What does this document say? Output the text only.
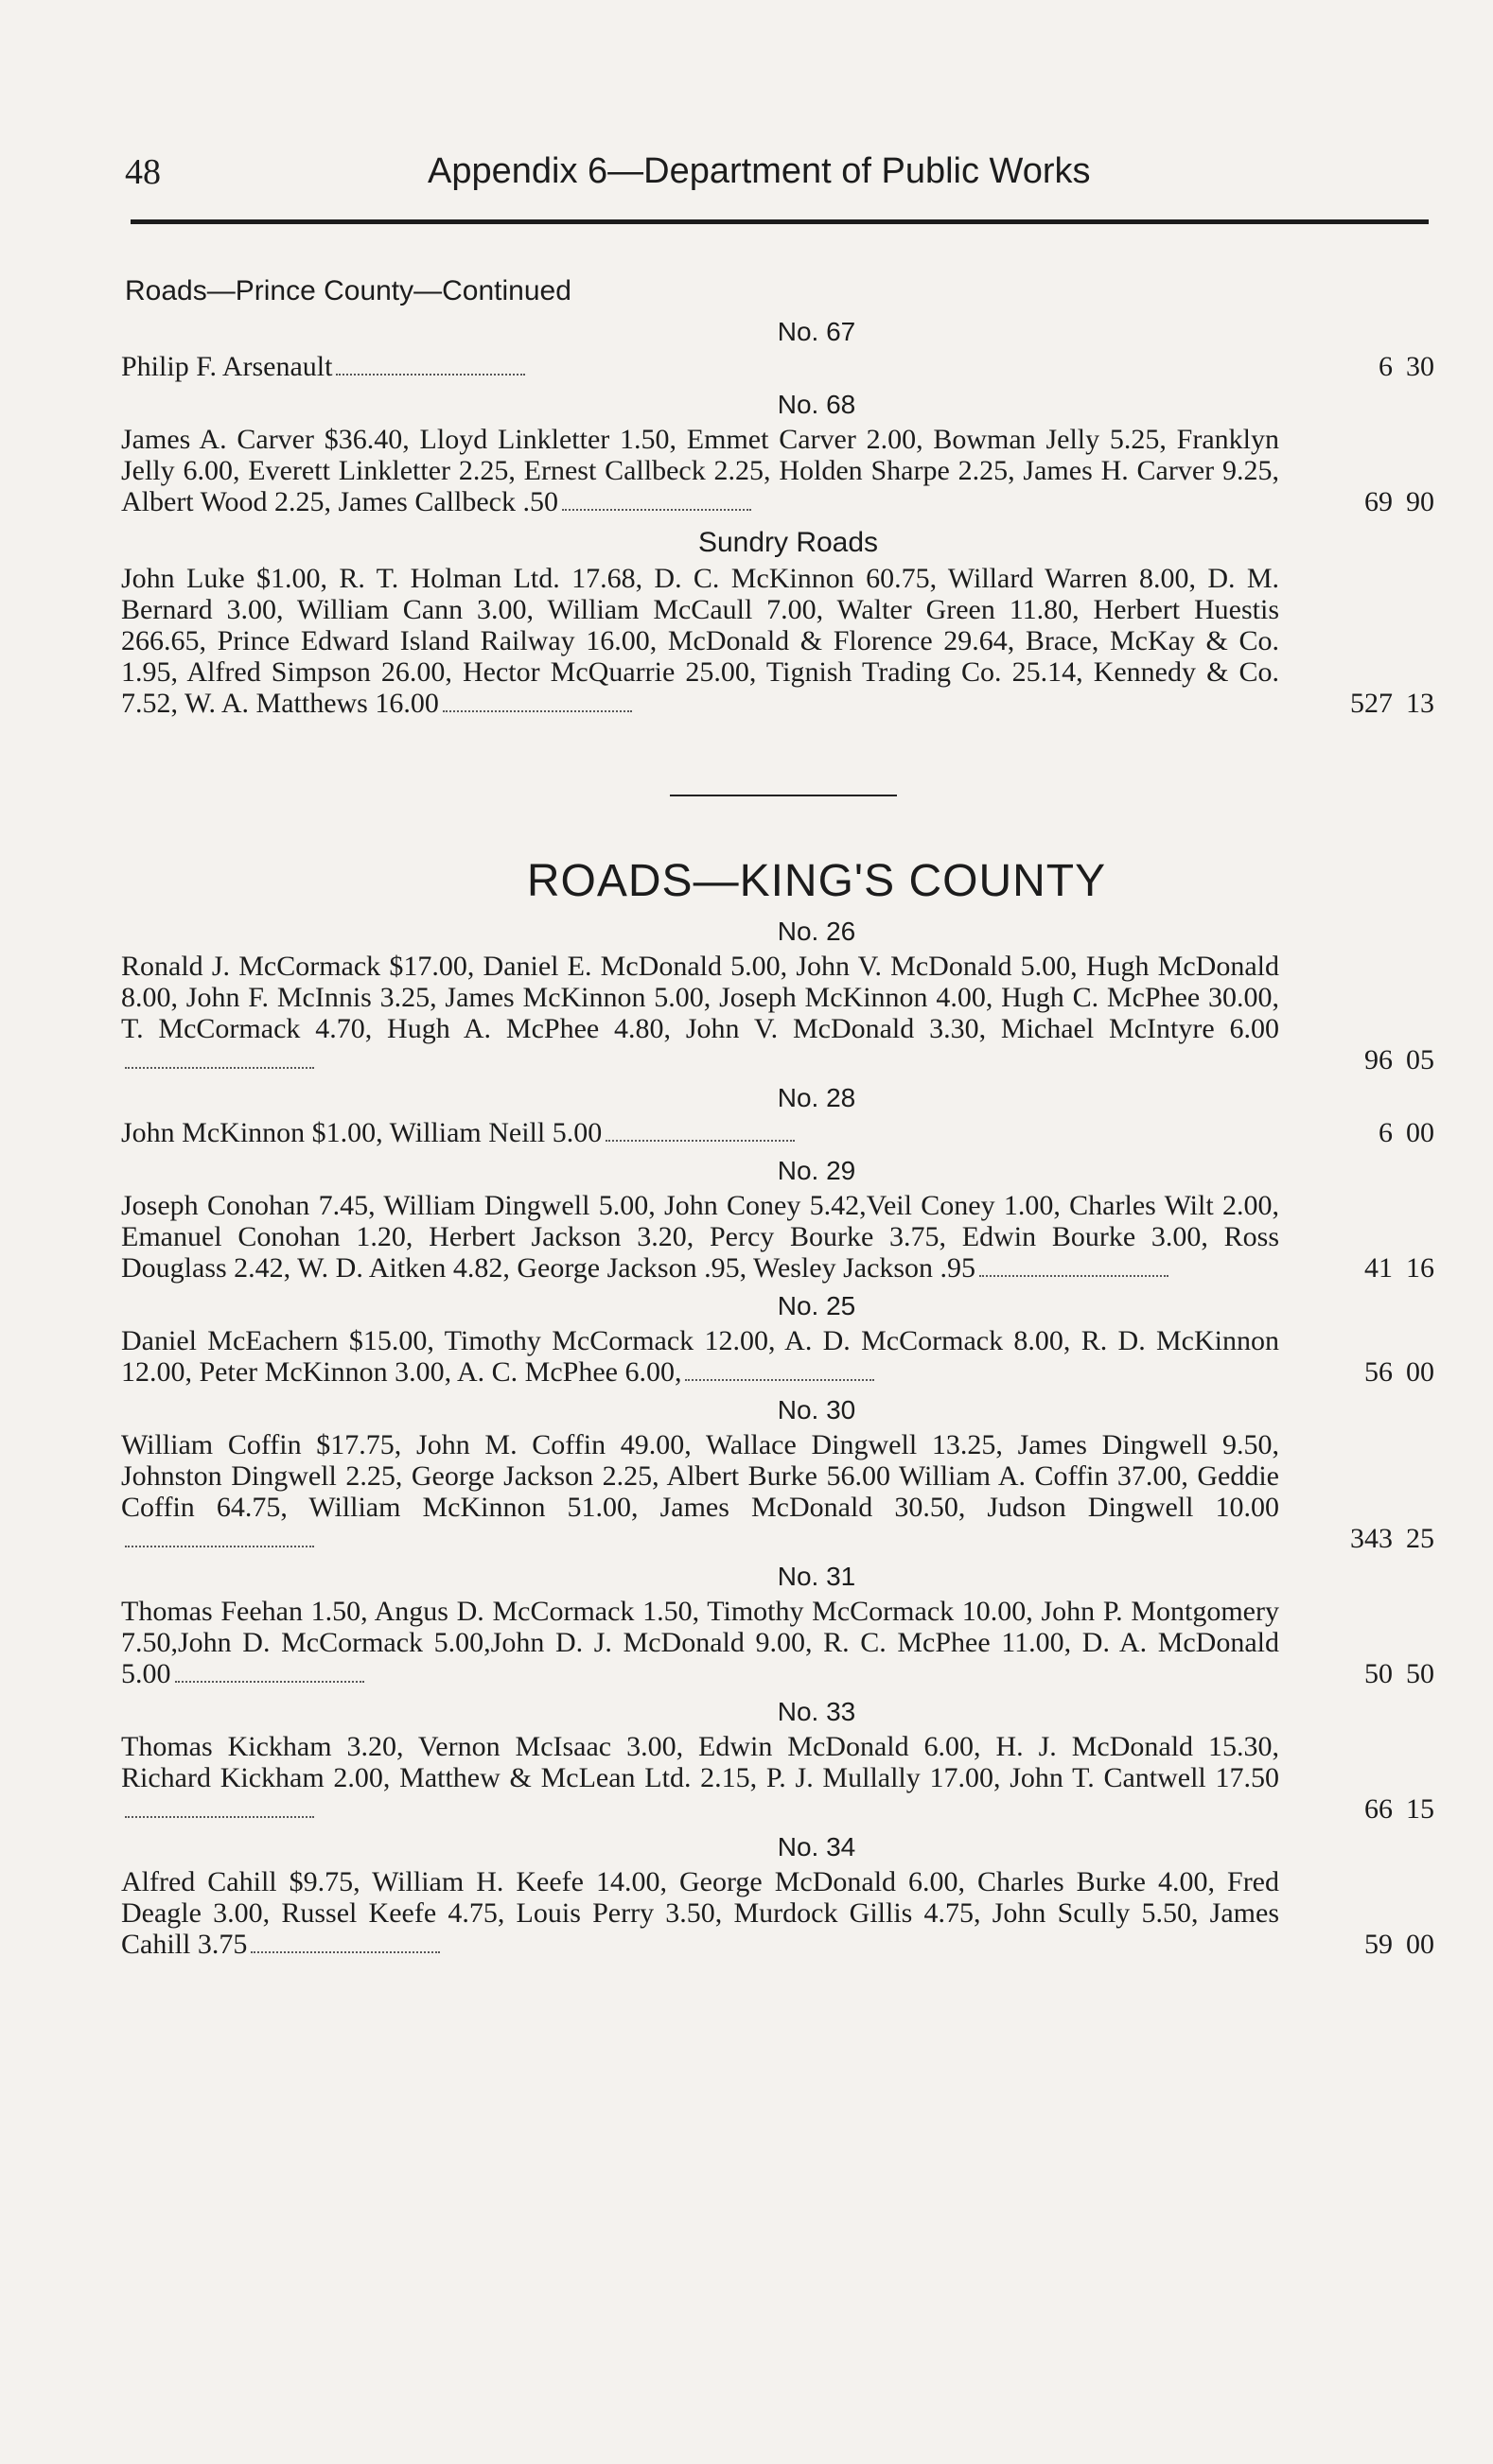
48	Appendix 6—Department of Public Works
Roads—Prince County—Continued
No. 67

Philip F. Arsenault	6 30
No. 68

James A. Carver $36.40, Lloyd Linkletter 1.50, Emmet Carver 2.00, Bowman Jelly 5.25, Franklyn Jelly 6.00, Everett Linkletter 2.25, Ernest Callbeck 2.25, Holden Sharpe 2.25, James H. Carver 9.25, Albert Wood 2.25, James Callbeck .50	69 90
Sundry Roads

John Luke $1.00, R. T. Holman Ltd. 17.68, D. C. McKinnon 60.75, Willard Warren 8.00, D. M. Bernard 3.00, William Cann 3.00, William McCaull 7.00, Walter Green 11.80, Herbert Huestis 266.65, Prince Edward Island Railway 16.00, McDonald & Florence 29.64, Brace, McKay & Co. 1.95, Alfred Simpson 26.00, Hector McQuarrie 25.00, Tignish Trading Co. 25.14, Kennedy & Co. 7.52, W. A. Matthews 16.00	527 13
ROADS—KING'S COUNTY
No. 26

Ronald J. McCormack $17.00, Daniel E. McDonald 5.00, John V. McDonald 5.00, Hugh McDonald 8.00, John F. McInnis 3.25, James McKinnon 5.00, Joseph McKinnon 4.00, Hugh C. McPhee 30.00, T. McCormack 4.70, Hugh A. McPhee 4.80, John V. McDonald 3.30, Michael McIntyre 6.00

96 05
No. 28

John McKinnon $1.00, William Neill 5.00	6 00
No. 29

Joseph Conohan 7.45, William Dingwell 5.00, John Coney 5.42,Veil Coney 1.00, Charles Wilt 2.00, Emanuel Conohan 1.20, Herbert Jackson 3.20, Percy Bourke 3.75, Edwin Bourke 3.00, Ross Douglass 2.42, W. D. Aitken 4.82, George Jackson .95, Wesley Jackson .95	41 16
No. 25

Daniel McEachern $15.00, Timothy McCormack 12.00, A. D. McCormack 8.00, R. D. McKinnon 12.00, Peter McKinnon 3.00, A. C. McPhee 6.00,	56 00
No. 30

William Coffin $17.75, John M. Coffin 49.00, Wallace Dingwell 13.25, James Dingwell 9.50, Johnston Dingwell 2.25, George Jackson 2.25, Albert Burke 56.00 William A. Coffin 37.00, Geddie Coffin 64.75, William McKinnon 51.00, James McDonald 30.50, Judson Dingwell 10.00

343 25
No. 31

Thomas Feehan 1.50, Angus D. McCormack 1.50, Timothy McCormack 10.00, John P. Montgomery 7.50,John D. McCormack 5.00,John D. J. McDonald 9.00, R. C. McPhee 11.00, D. A. McDonald 5.00	50 50
No. 33

Thomas Kickham 3.20, Vernon McIsaac 3.00, Edwin McDonald 6.00, H. J. McDonald 15.30, Richard Kickham 2.00, Matthew & McLean Ltd. 2.15, P. J. Mullally 17.00, John T. Cantwell 17.50

66 15
No. 34

Alfred Cahill $9.75, William H. Keefe 14.00, George McDonald 6.00, Charles Burke 4.00, Fred Deagle 3.00, Russel Keefe 4.75, Louis Perry 3.50, Murdock Gillis 4.75, John Scully 5.50, James Cahill 3.75	59 00
